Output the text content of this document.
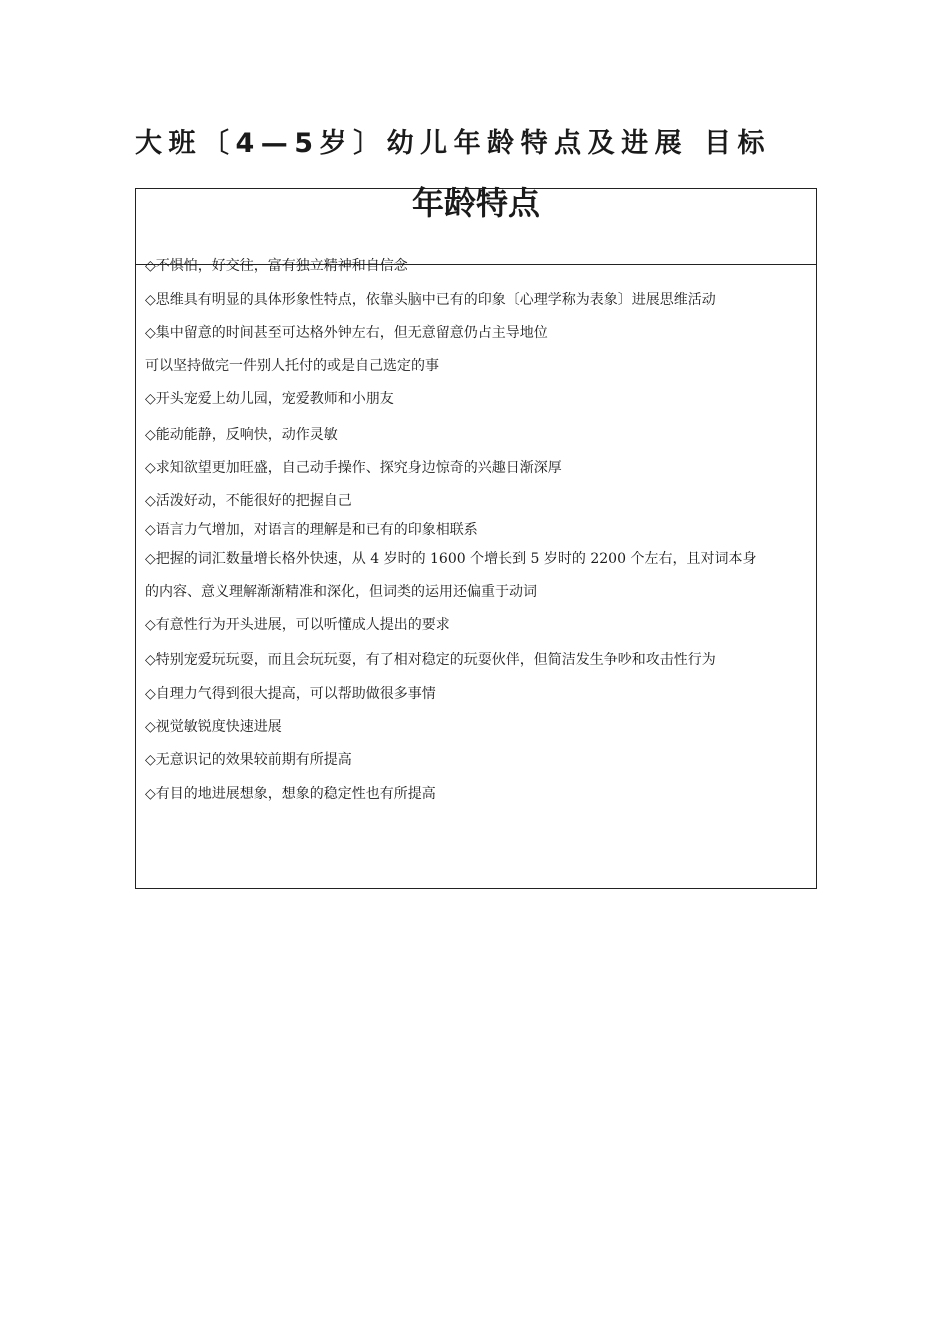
大班〔4—5岁〕幼儿年龄特点及进展 目标
年龄特点
◇不惧怕，好交往，富有独立精神和自信念
◇思维具有明显的具体形象性特点，依靠头脑中已有的印象〔心理学称为表象〕进展思维活动
◇集中留意的时间甚至可达格外钟左右，但无意留意仍占主导地位
可以坚持做完一件别人托付的或是自己选定的事
◇开头宠爱上幼儿园，宠爱教师和小朋友
◇能动能静，反响快，动作灵敏
◇求知欲望更加旺盛，自己动手操作、探究身边惊奇的兴趣日渐深厚
◇活泼好动，不能很好的把握自己
◇语言力气增加，对语言的理解是和已有的印象相联系
◇把握的词汇数量增长格外快速，从 4 岁时的 1600 个增长到 5 岁时的 2200 个左右，且对词本身
的内容、意义理解渐渐精准和深化，但词类的运用还偏重于动词
◇有意性行为开头进展，可以听懂成人提出的要求
◇特别宠爱玩玩耍，而且会玩玩耍，有了相对稳定的玩耍伙伴，但简洁发生争吵和攻击性行为
◇自理力气得到很大提高，可以帮助做很多事情
◇视觉敏锐度快速进展
◇无意识记的效果较前期有所提高
◇有目的地进展想象，想象的稳定性也有所提高
